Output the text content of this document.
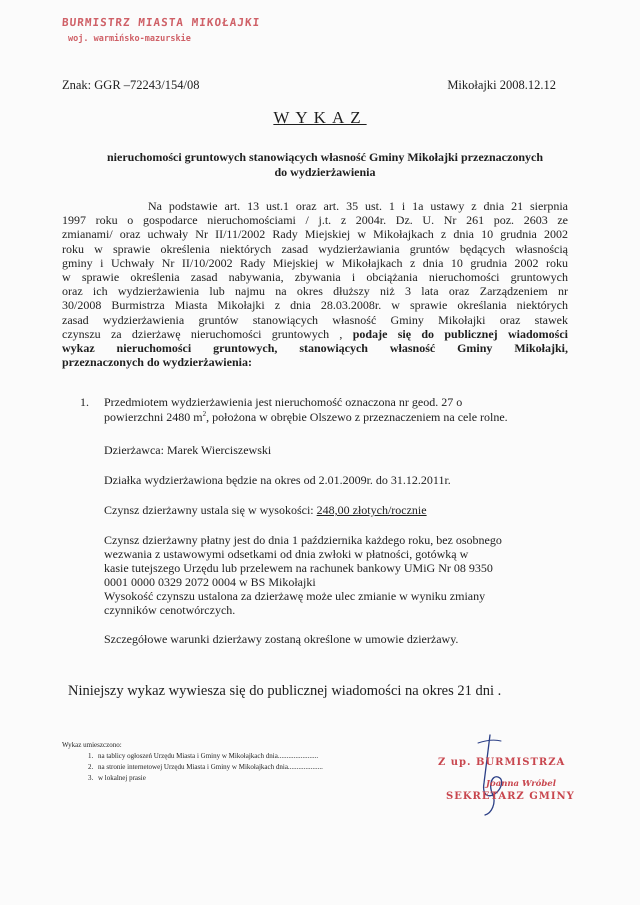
BURMISTRZ MIASTA MIKOŁAJKI
woj. warmińsko-mazurskie
Znak: GGR –72243/154/08	Mikołajki 2008.12.12
WYKAZ
nieruchomości gruntowych stanowiących własność Gminy Mikołajki przeznaczonych
do wydzierżawienia
Na podstawie art. 13 ust.1 oraz art. 35 ust. 1 i 1a ustawy z dnia 21 sierpnia
1997 roku o gospodarce nieruchomościami / j.t. z 2004r. Dz. U. Nr 261 poz. 2603 ze
zmianami/ oraz uchwały Nr II/11/2002 Rady Miejskiej w Mikołajkach z dnia 10 grudnia 2002
roku w sprawie określenia niektórych zasad wydzierżawiania gruntów będących własnością
gminy i Uchwały Nr II/10/2002 Rady Miejskiej w Mikołajkach z dnia 10 grudnia 2002 roku
w sprawie określenia zasad nabywania, zbywania i obciążania nieruchomości gruntowych
oraz ich wydzierżawienia lub najmu na okres dłuższy niż 3 lata oraz Zarządzeniem nr
30/2008 Burmistrza Miasta Mikołajki z dnia 28.03.2008r. w sprawie określania niektórych
zasad wydzierżawienia gruntów stanowiących własność Gminy Mikołajki oraz stawek
czynszu za dzierżawę nieruchomości gruntowych , podaje się do publicznej wiadomości
wykaz nieruchomości gruntowych, stanowiących własność Gminy Mikołajki,
przeznaczonych do wydzierżawienia:
1. Przedmiotem wydzierżawienia jest nieruchomość oznaczona nr geod. 27 o
powierzchni 2480 $m^2$, położona w obrębie Olszewo z przeznaczeniem na cele rolne.
Dzierżawca: Marek Wierciszewski
Działka wydzierżawiona będzie na okres od 2.01.2009r. do 31.12.2011r.
Czynsz dzierżawny ustala się w wysokości: 248,00 złotych/rocznie
Czynsz dzierżawny płatny jest do dnia 1 października każdego roku, bez osobnego
wezwania z ustawowymi odsetkami od dnia zwłoki w płatności, gotówką w
kasie tutejszego Urzędu lub przelewem na rachunek bankowy UMiG Nr 08 9350
0001 0000 0329 2072 0004 w BS Mikołajki
Wysokość czynszu ustalona za dzierżawę może ulec zmianie w wyniku zmiany
czynników cenotwórczych.
Szczegółowe warunki dzierżawy zostaną określone w umowie dzierżawy.
Niniejszy wykaz wywiesza się do publicznej wiadomości na okres 21 dni .
Wykaz umieszczono:
1. na tablicy ogłoszeń Urzędu Miasta i Gminy w Mikołajkach dnia.......................
2. na stronie internetowej Urzędu Miasta i Gminy w Mikołajkach dnia....................
3. w lokalnej prasie
Z up. BURMISTRZA
Joanna Wróbel
SEKRETARZ GMINY
